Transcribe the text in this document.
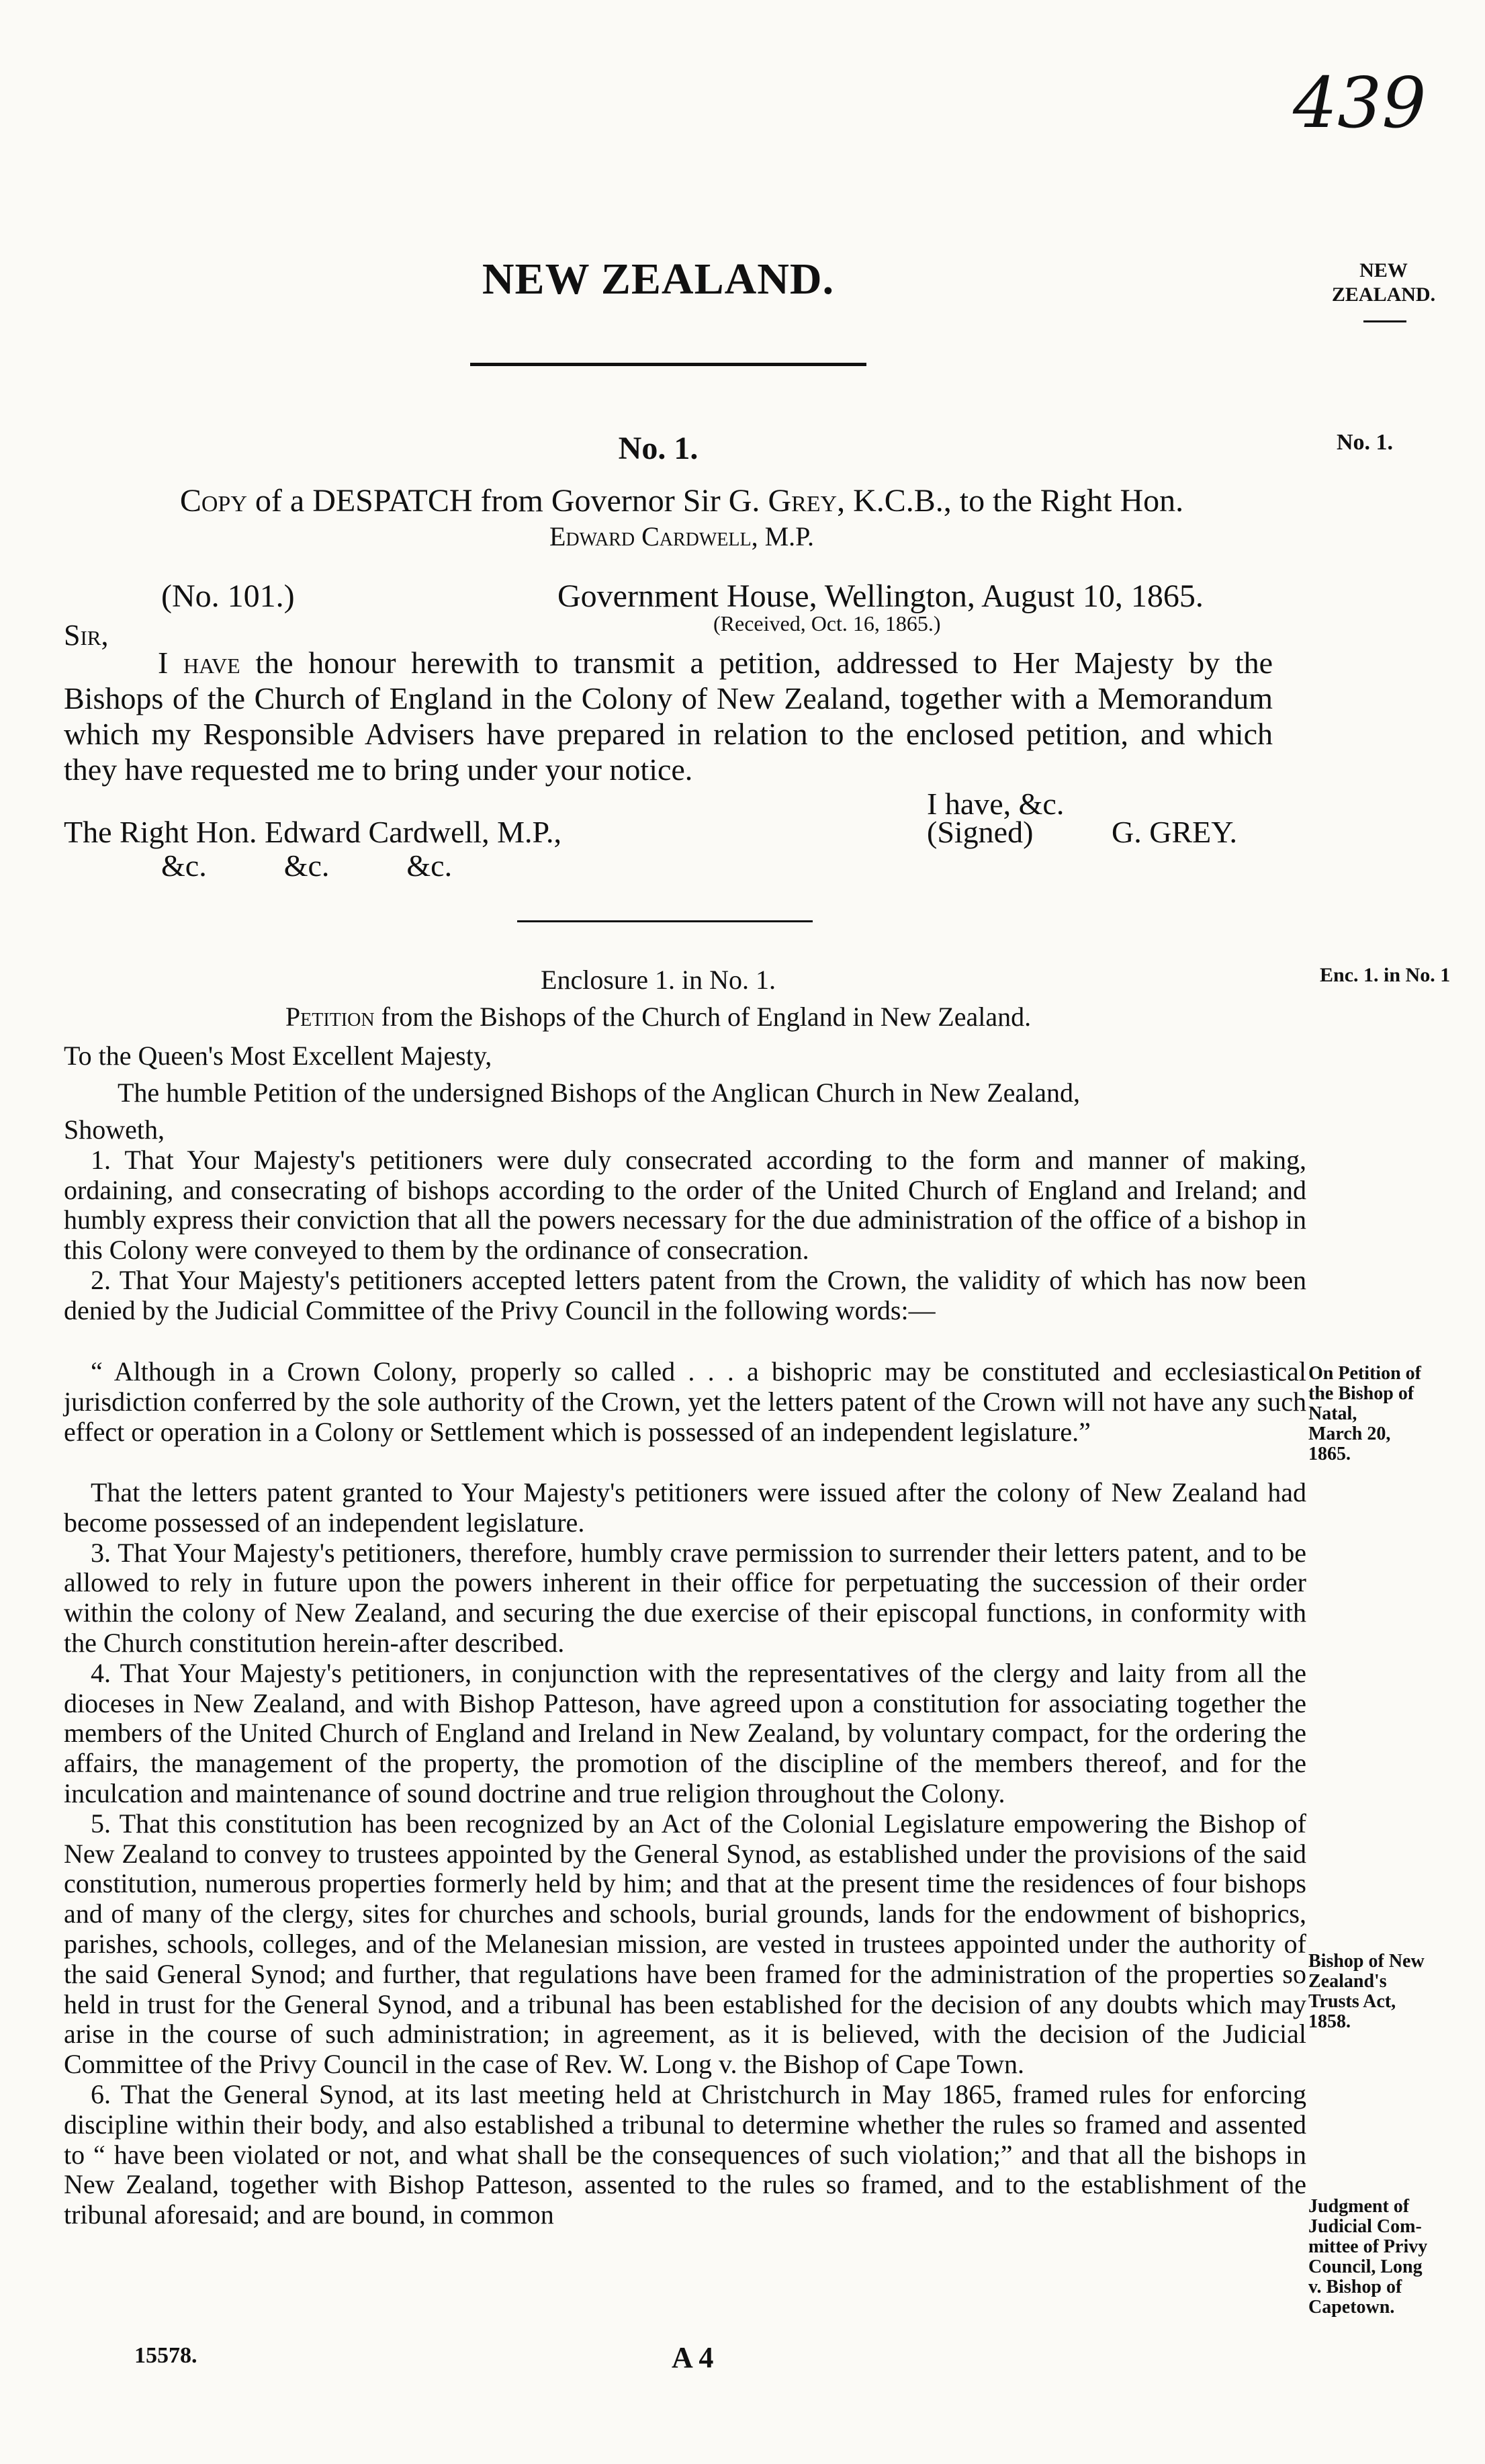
439
NEW ZEALAND.	NEW
ZEALAND.
No. 1.	No. 1.
Copy of a DESPATCH from Governor Sir G. Grey, K.C.B., to the Right Hon.
Edward Cardwell, M.P.
(No. 101.)	Government House, Wellington, August 10, 1865.
(Received, Oct. 16, 1865.)
Sir,
I have the honour herewith to transmit a petition, addressed to Her Majesty by the Bishops of the Church of England in the Colony of New Zealand, together with a Memorandum which my Responsible Advisers have prepared in relation to the enclosed petition, and which they have requested me to bring under your notice.
I have, &c.
The Right Hon. Edward Cardwell, M.P.,	(Signed)	G. GREY.
&c.          &c.          &c.
Enclosure 1. in No. 1.	Enc. 1. in No. 1
Petition from the Bishops of the Church of England in New Zealand.

To the Queen's Most Excellent Majesty,

The humble Petition of the undersigned Bishops of the Anglican Church in New Zealand,

Showeth,

1. That Your Majesty's petitioners were duly consecrated according to the form and manner of making, ordaining, and consecrating of bishops according to the order of the United Church of England and Ireland; and humbly express their conviction that all the powers necessary for the due administration of the office of a bishop in this Colony were conveyed to them by the ordinance of consecration.

2. That Your Majesty's petitioners accepted letters patent from the Crown, the validity of which has now been denied by the Judicial Committee of the Privy Council in the following words:—

“ Although in a Crown Colony, properly so called . . . a bishopric may be constituted and ecclesiastical jurisdiction conferred by the sole authority of the Crown, yet the letters patent of the Crown will not have any such effect or operation in a Colony or Settlement which is possessed of an independent legislature.”

That the letters patent granted to Your Majesty's petitioners were issued after the colony of New Zealand had become possessed of an independent legislature.

3. That Your Majesty's petitioners, therefore, humbly crave permission to surrender their letters patent, and to be allowed to rely in future upon the powers inherent in their office for perpetuating the succession of their order within the colony of New Zealand, and securing the due exercise of their episcopal functions, in conformity with the Church constitution herein-after described.

4. That Your Majesty's petitioners, in conjunction with the representatives of the clergy and laity from all the dioceses in New Zealand, and with Bishop Patteson, have agreed upon a constitution for associating together the members of the United Church of England and Ireland in New Zealand, by voluntary compact, for the ordering the affairs, the management of the property, the promotion of the discipline of the members thereof, and for the inculcation and maintenance of sound doctrine and true religion throughout the Colony.

5. That this constitution has been recognized by an Act of the Colonial Legislature empowering the Bishop of New Zealand to convey to trustees appointed by the General Synod, as established under the provisions of the said constitution, numerous properties formerly held by him; and that at the present time the residences of four bishops and of many of the clergy, sites for churches and schools, burial grounds, lands for the endowment of bishoprics, parishes, schools, colleges, and of the Melanesian mission, are vested in trustees appointed under the authority of the said General Synod; and further, that regulations have been framed for the administration of the properties so held in trust for the General Synod, and a tribunal has been established for the decision of any doubts which may arise in the course of such administration; in agreement, as it is believed, with the decision of the Judicial Committee of the Privy Council in the case of Rev. W. Long v. the Bishop of Cape Town.

6. That the General Synod, at its last meeting held at Christchurch in May 1865, framed rules for enforcing discipline within their body, and also established a tribunal to determine whether the rules so framed and assented to “ have been violated or not, and what shall be the consequences of such violation;” and that all the bishops in New Zealand, together with Bishop Patteson, assented to the rules so framed, and to the establishment of the tribunal aforesaid; and are bound, in common

On Petition of
the Bishop of
Natal,
March 20,
1865.
Bishop of New
Zealand's
Trusts Act,
1858.
Judgment of
Judicial Com-
mittee of Privy
Council, Long
v. Bishop of
Capetown.
15578.	A 4
